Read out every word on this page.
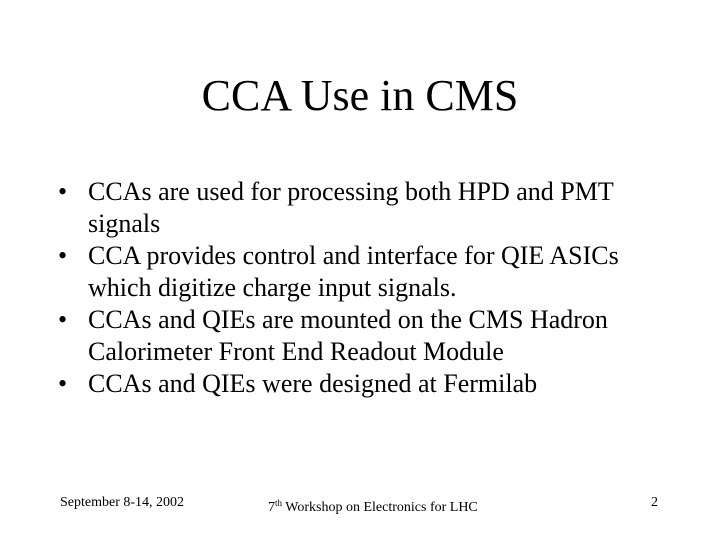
CCA Use in CMS
• CCAs are used for processing both HPD and PMT signals
• CCA provides control and interface for QIE ASICs which digitize charge input signals.
• CCAs and QIEs are mounted on the CMS Hadron Calorimeter Front End Readout Module
• CCAs and QIEs were designed at Fermilab
September 8-14, 2002	7th Workshop on Electronics for LHC	2
